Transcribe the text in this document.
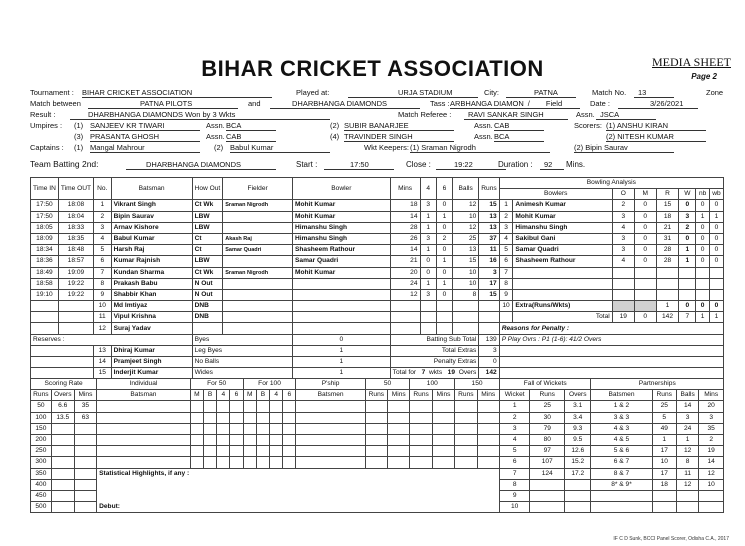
BIHAR CRICKET ASSOCIATION	MEDIA SHEET
Page 2
Tournament : BIHAR CRICKET ASSOCIATION	Played at:	URJA STADIUM	City:	PATNA	Match No.	13	Zone
Match between	PATNA PILOTS	and	DHARBHANGA DIAMONDS	Tass : ARBHANGA DIAMON / Field	Date :	3/26/2021
Result :	DHARBHANGA DIAMONDS Won by 3 Wkts	Match Referee :	RAVI SANKAR SINGH	Assn. JSCA
Umpires : (1) SANJEEV KR TIWARI	Assn. BCA	(2) SUBIR BANARJEE	Assn. CAB	Scorers: (1) ANSHU KIRAN
(3) PRASANTA GHOSH	Assn. CAB	(4) TRAVINDER SINGH	Assn. BCA	(2) NITESH KUMAR
Captains : (1) Mangal Mahrour	(2) Babul Kumar	Wkt Keepers: (1) Sraman Nigrodh	(2) Bipin Saurav
Team Batting 2nd:	DHARBHANGA DIAMONDS	Start :	17:50	Close :	19:22	Duration :	92	Mins.
Time IN	Time OUT	No.	Batsman	How Out	Fielder	Bowler	Mins	4	6	Balls	Runs	Bowling Analysis							
												Bowlers		O	M	R	W	nb	wb
17:50	18:08	1	Vikrant Singh	Ct Wk	Sraman Nigrodh	Mohit Kumar	18	3	0	12	15	1	Animesh Kumar	2	0	15	0	0	0
17:50	18:04	2	Bipin Saurav	LBW		Mohit Kumar	14	1	1	10	13	2	Mohit Kumar	3	0	18	3	1	1
18:05	18:33	3	Arnav Kishore	LBW		Himanshu Singh	28	1	0	12	13	3	Himanshu Singh	4	0	21	2	0	0
18:09	18:35	4	Babul Kumar	Ct	Akash Raj	Himanshu Singh	26	3	2	25	37	4	Sakibul Gani	3	0	31	0	0	0
18:34	18:48	5	Harsh Raj	Ct	Samar Quadri	Shasheem Rathour	14	1	0	13	11	5	Samar Quadri	3	0	28	1	0	0
18:36	18:57	6	Kumar Rajnish	LBW		Samar Quadri	21	0	1	15	16	6	Shasheem Rathour	4	0	28	1	0	0
18:49	19:09	7	Kundan Sharma	Ct Wk	Sraman Nigrodh	Mohit Kumar	20	0	0	10	3	7							
18:58	19:22	8	Prakash Babu	N Out			24	1	1	10	17	8							
19:10	19:22	9	Shabbir Khan	N Out			12	3	0	8	15	9							
		10	Md Imtiyaz	DNB								10	Extra(Runs/Wkts)			1	0	0	0
		11	Vipul Krishna	DNB									Total	19	0	142	7	1	1
		12	Suraj Yadav									Reasons for Penalty :							
Reserves :				Byes		0	Batting Sub Total				139	P Play Ovrs : P1 (1-6): 41/2 Overs							
		13	Dhiraj Kumar	Leg Byes		1	Total Extras				3								
		14	Pramjeet Singh	No Balls		1	Penalty Extras				0								
		15	Inderjit Kumar	Wides		1	Total for 7 wkts 19 Overs				142								
Scoring Rate			Individual	For 50				For 100				P'ship	50		100		150		Fall of Wickets			Partnerships			
Runs	Overs	Mins	Batsman	M	B	4	6	M	B	4	6	Batsmen	Runs	Mins	Runs	Mins	Runs	Mins	Wicket	Runs	Overs	Batsmen	Runs	Balls	Mins
50	6.6	35																	1	25	3.1	1 & 2	25	14	20
100	13.5	63																	2	30	3.4	3 & 3	5	3	3
150																			3	79	9.3	4 & 3	49	24	35
200																			4	80	9.5	4 & 5	1	1	2
250																			5	97	12.6	5 & 6	17	12	19
300																			6	107	15.2	6 & 7	10	8	14
350			Statistical Highlights, if any :																7	124	17.2	8 & 7	17	11	12
400																			8			8* & 9*	18	12	10
450																			9						
500			Debut:																10						
IF C D Sunk, BCCI Panel Scorer, Odisha C.A., 2017
